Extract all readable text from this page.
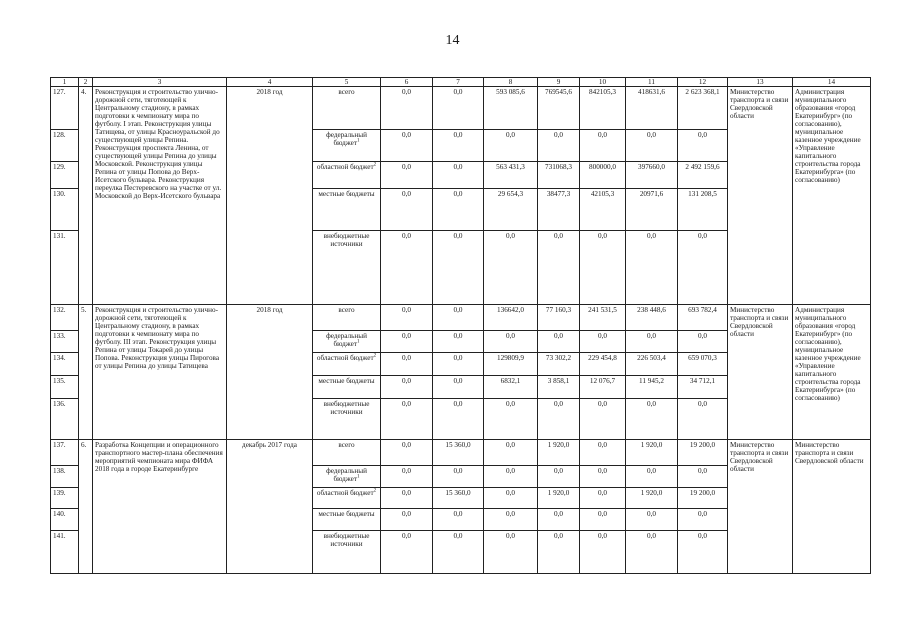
14
1	2	3	4	5	6	7	8	9	10	11	12	13	14
127.	4.	Реконструкция и строительство улично-дорожной сети, тяготеющей к Центральному стадиону, в рамках подготовки к чемпионату мира по футболу. I этап. Реконструкция улицы Татищева, от улицы Красноуральской до существующей улицы Репина. Реконструкция проспекта Ленина, от существующей улицы Репина до улицы Московской. Реконструкция улицы Репина от улицы Попова до Верх-Исетского бульвара. Реконструкция переулка Пестеревского на участке от ул. Московской до Верх-Исетского бульвара	2018 год	всего	0,0	0,0	593 085,6	769545,6	842105,3	418631,6	2 623 368,1	Министерство транспорта и связи Свердловской области	Администрация муниципального образования «город Екатеринбург» (по согласованию), муниципальное казенное учреждение «Управление капитального строительства города Екатеринбурга» (по согласованию)
128.				федеральный бюджет$^1$	0,0	0,0	0,0	0,0	0,0	0,0	0,0		
129.				областной бюджет$^2$	0,0	0,0	563 431,3	731068,3	800000,0	397660,0	2 492 159,6		
130.				местные бюджеты	0,0	0,0	29 654,3	38477,3	42105,3	20971,6	131 208,5		
131.				внебюджетные источники	0,0	0,0	0,0	0,0	0,0	0,0	0,0		
132.	5.	Реконструкция и строительство улично-дорожной сети, тяготеющей к Центральному стадиону, в рамках подготовки к чемпионату мира по футболу. III этап. Реконструкция улицы Репина от улицы Токарей до улицы Попова. Реконструкция улицы Пирогова от улицы Репина до улицы Татищева	2018 год	всего	0,0	0,0	136642,0	77 160,3	241 531,5	238 448,6	693 782,4	Министерство транспорта и связи Свердловской области	Администрация муниципального образования «город Екатеринбург» (по согласованию), муниципальное казенное учреждение «Управление капитального строительства города Екатеринбурга» (по согласованию)
133.				федеральный бюджет$^1$	0,0	0,0	0,0	0,0	0,0	0,0	0,0		
134.				областной бюджет$^2$	0,0	0,0	129809,9	73 302,2	229 454,8	226 503,4	659 070,3		
135.				местные бюджеты	0,0	0,0	6832,1	3 858,1	12 076,7	11 945,2	34 712,1		
136.				внебюджетные источники	0,0	0,0	0,0	0,0	0,0	0,0	0,0		
137.	6.	Разработка Концепции и операционного транспортного мастер-плана обеспечения мероприятий чемпионата мира ФИФА 2018 года в городе Екатеринбурге	декабрь 2017 года	всего	0,0	15 360,0	0,0	1 920,0	0,0	1 920,0	19 200,0	Министерство транспорта и связи Свердловской области	Министерство транспорта и связи Свердловской области
138.				федеральный бюджет$^1$	0,0	0,0	0,0	0,0	0,0	0,0	0,0		
139.				областной бюджет$^2$	0,0	15 360,0	0,0	1 920,0	0,0	1 920,0	19 200,0		
140.				местные бюджеты	0,0	0,0	0,0	0,0	0,0	0,0	0,0		
141.				внебюджетные источники	0,0	0,0	0,0	0,0	0,0	0,0	0,0		
